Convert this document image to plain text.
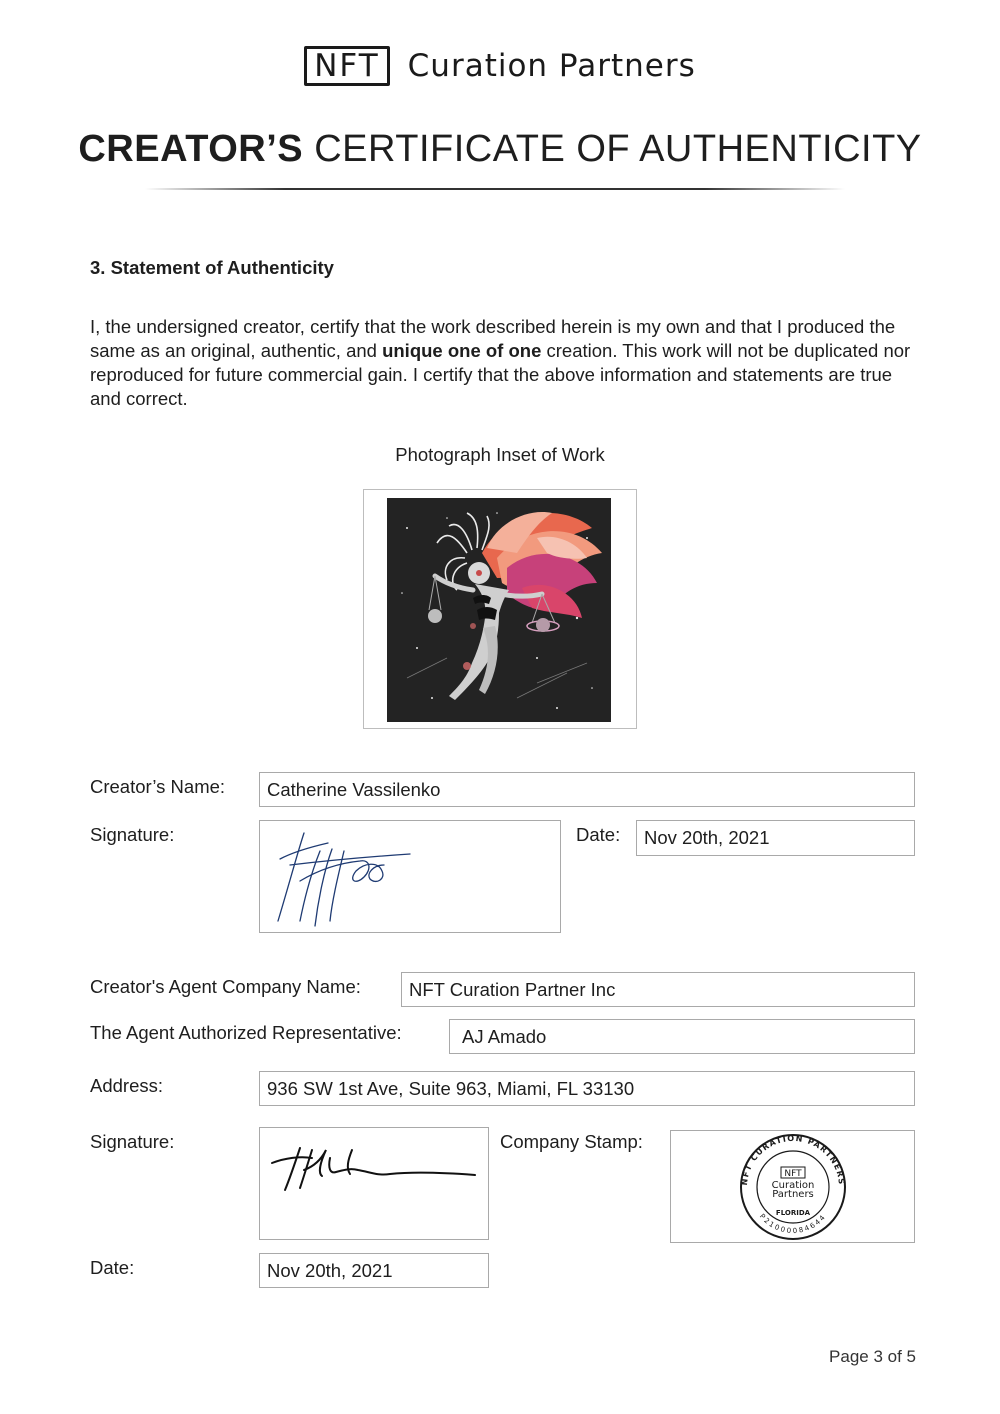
NFT Curation Partners
CREATOR’S CERTIFICATE OF AUTHENTICITY
3. Statement of Authenticity
I, the undersigned creator, certify that the work described herein is my own and that I produced the same as an original, authentic, and unique one of one creation. This work will not be duplicated nor reproduced for future commercial gain. I certify that the above information and statements are true and correct.
Photograph Inset of Work
Creator’s Name:	Catherine Vassilenko
Signature:	Date:	Nov 20th, 2021
Creator's Agent Company Name:	NFT Curation Partner Inc
The Agent Authorized Representative:	AJ Amado
Address:	936 SW 1st Ave, Suite 963, Miami, FL 33130
Signature:	Company Stamp:
NFT CURATION PARTNERS
P21000084644
NFT
Curation
Partners
FLORIDA
Date:	Nov 20th, 2021
Page 3 of 5
